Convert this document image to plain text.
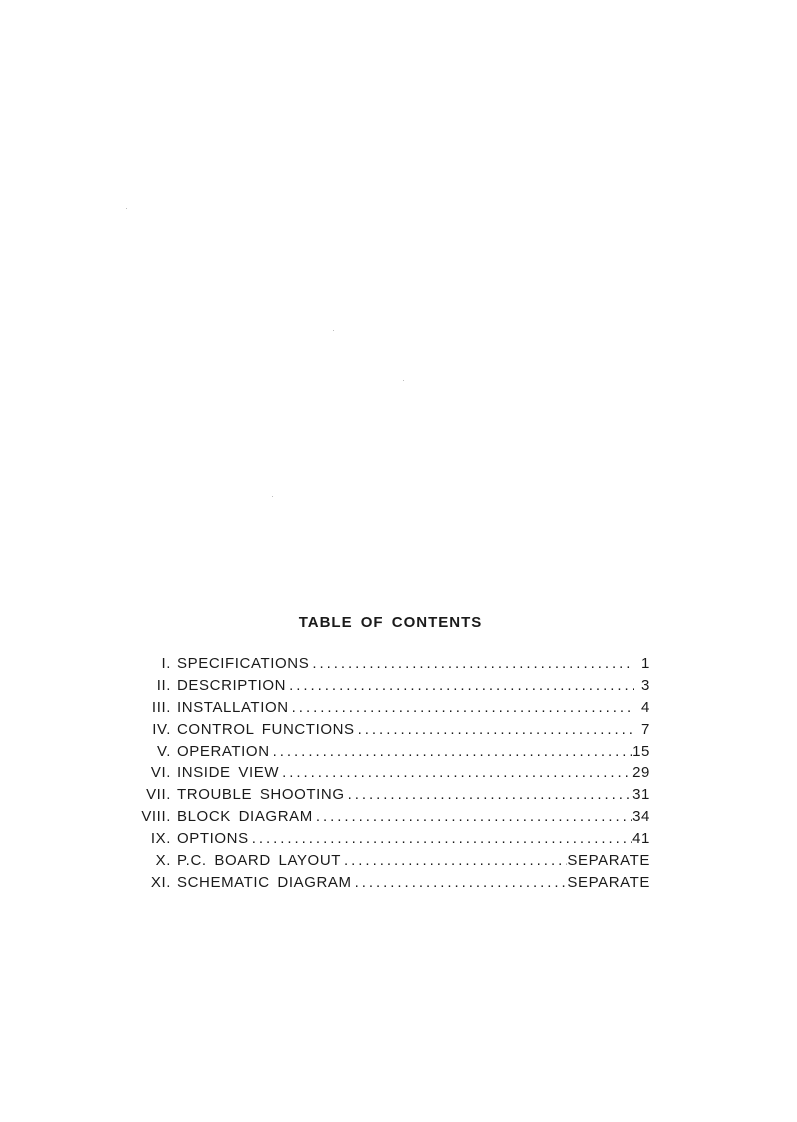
TABLE OF CONTENTS
I. SPECIFICATIONS . . .	1
II. DESCRIPTION . . .	3
III. INSTALLATION . . .	4
IV. CONTROL FUNCTIONS . . .	7
V. OPERATION . . .	15
VI. INSIDE VIEW . . .	29
VII. TROUBLE SHOOTING . . .	31
VIII. BLOCK DIAGRAM . . .	34
IX. OPTIONS . . .	41
X. P.C. BOARD LAYOUT . . .	SEPARATE
XI. SCHEMATIC DIAGRAM . . .	SEPARATE
